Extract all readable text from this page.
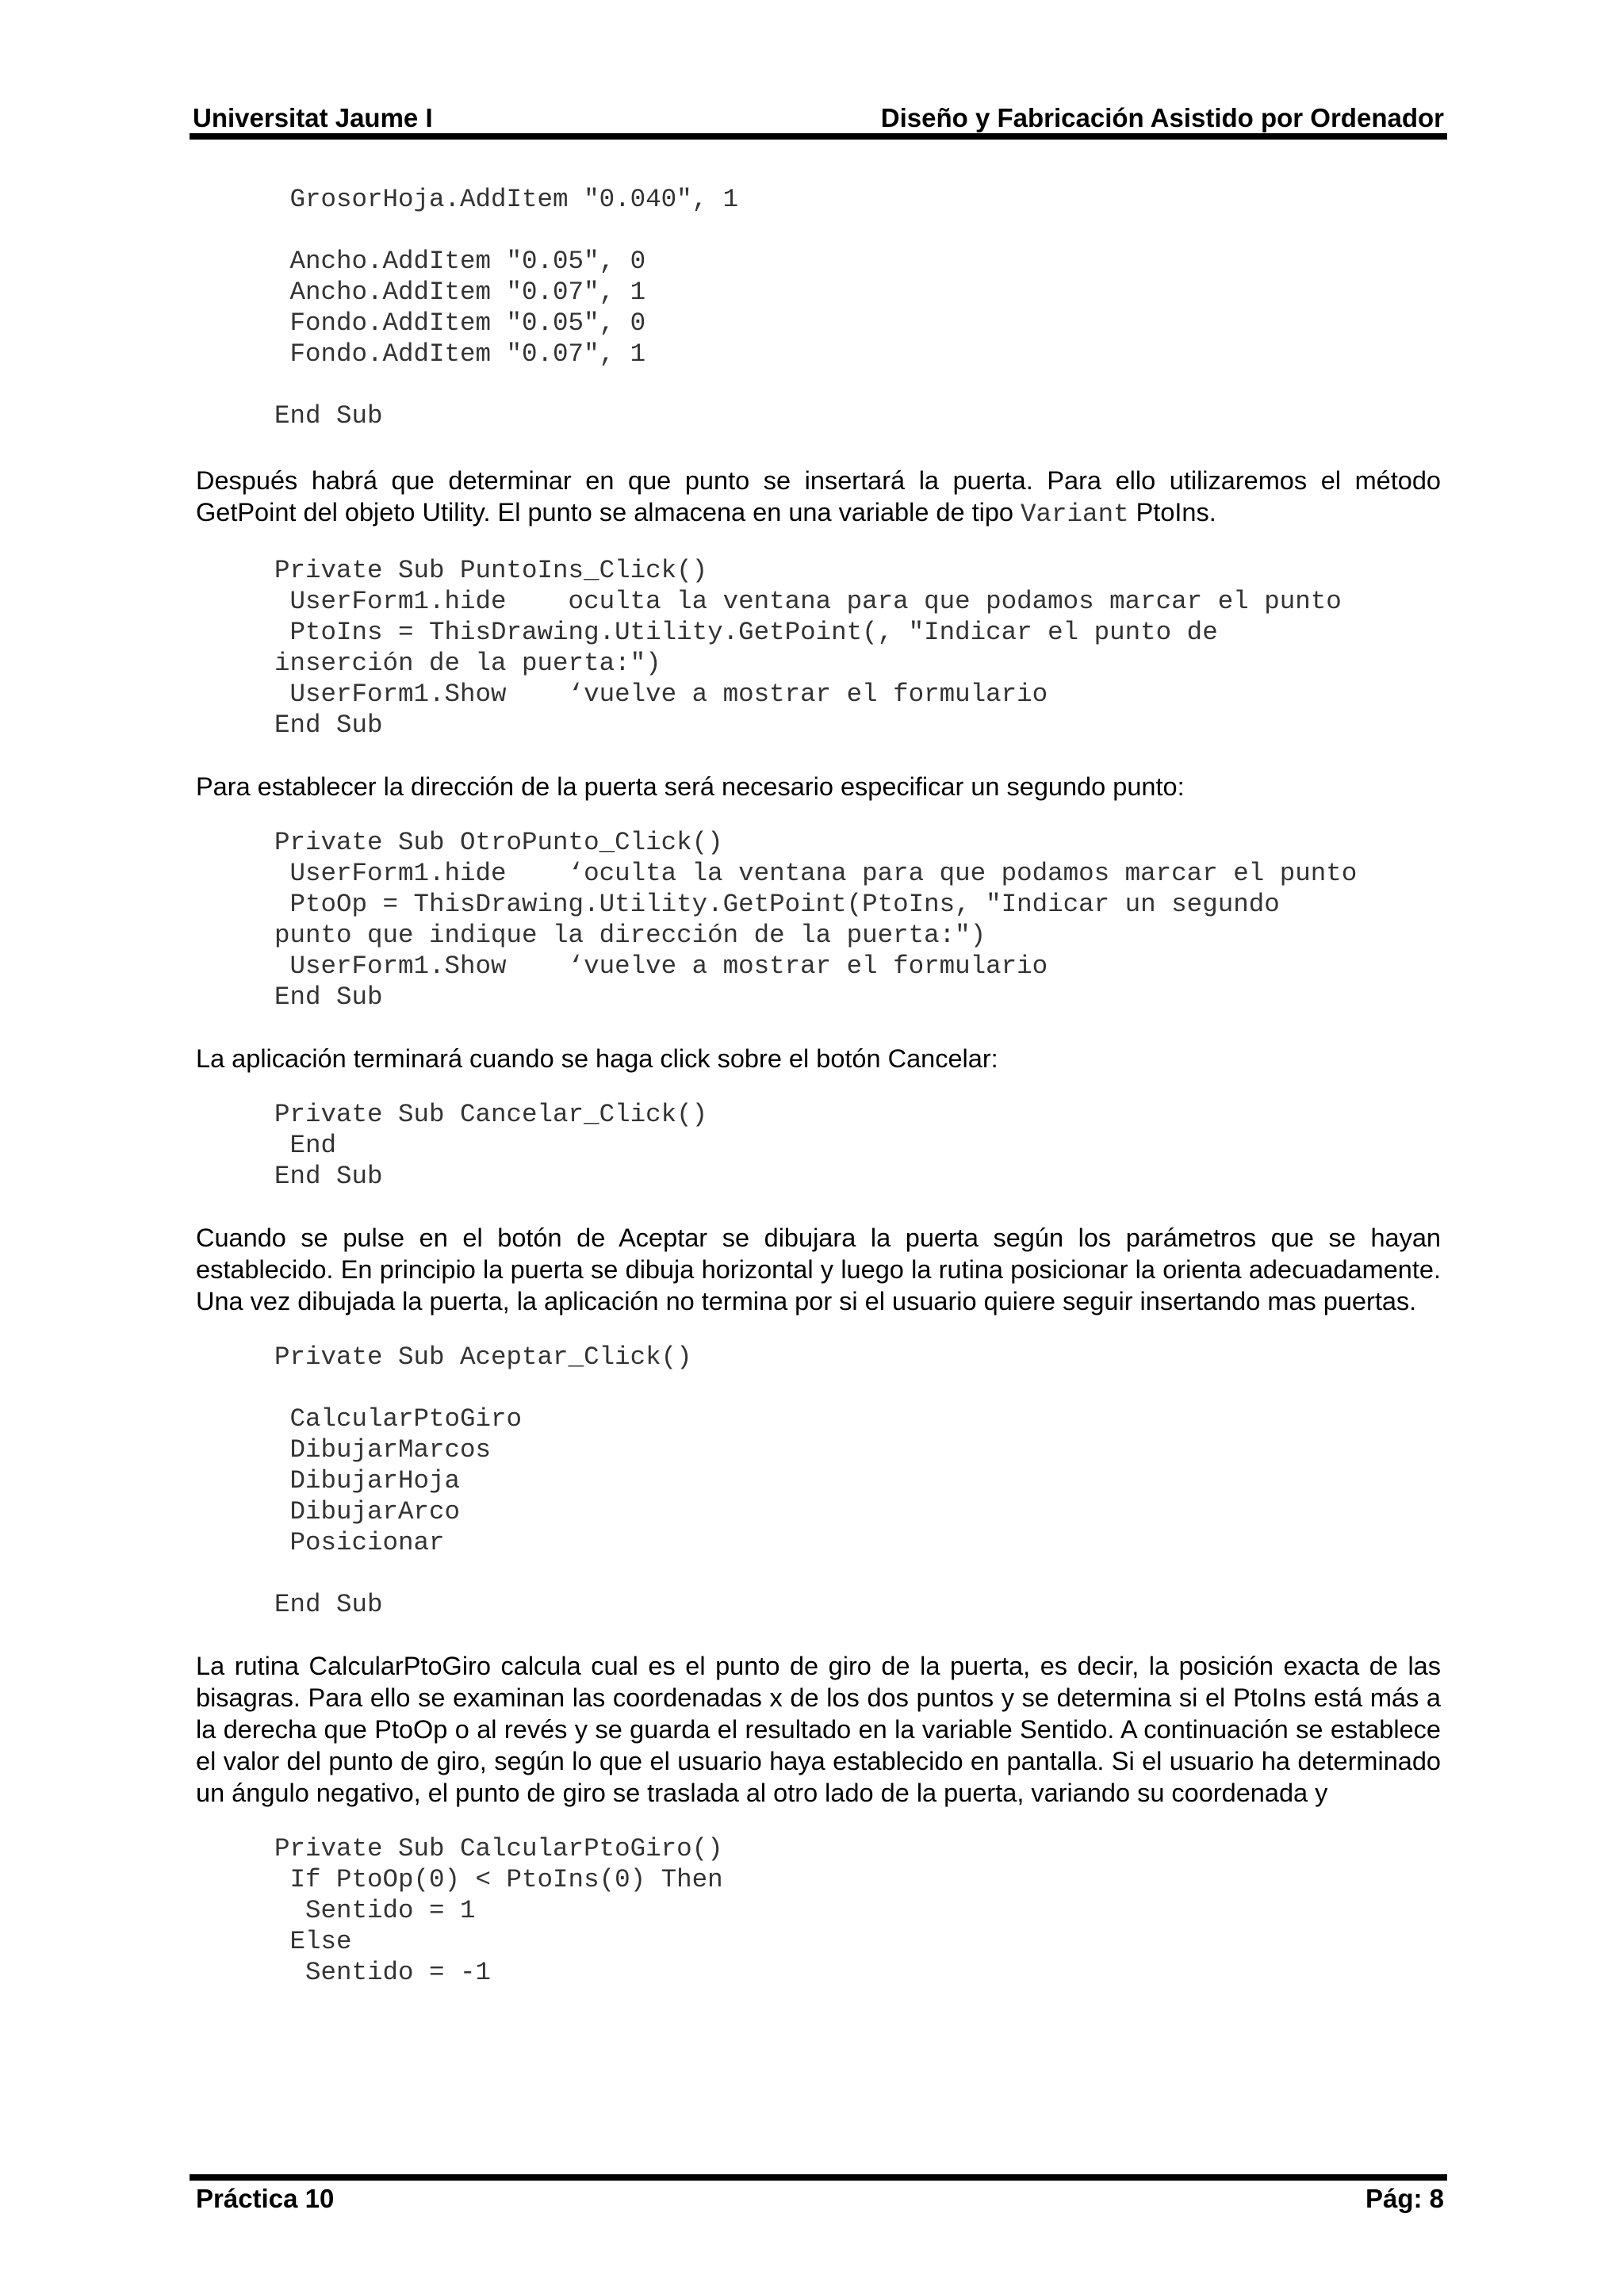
Universitat Jaume I	Diseño y Fabricación Asistido por Ordenador
GrosorHoja.AddItem "0.040", 1
Ancho.AddItem "0.05", 0
Ancho.AddItem "0.07", 1
Fondo.AddItem "0.05", 0
Fondo.AddItem "0.07", 1
End Sub

Después habrá que determinar en que punto se insertará la puerta. Para ello utilizaremos el método GetPoint del objeto Utility. El punto se almacena en una variable de tipo Variant PtoIns.

Private Sub PuntoIns_Click()
UserForm1.hide    oculta la ventana para que podamos marcar el punto
PtoIns = ThisDrawing.Utility.GetPoint(, "Indicar el punto de
inserción de la puerta:")
UserForm1.Show    ‘vuelve a mostrar el formulario
End Sub

Para establecer la dirección de la puerta será necesario especificar un segundo punto:

Private Sub OtroPunto_Click()
UserForm1.hide    ‘oculta la ventana para que podamos marcar el punto
PtoOp = ThisDrawing.Utility.GetPoint(PtoIns, "Indicar un segundo
punto que indique la dirección de la puerta:")
UserForm1.Show    ‘vuelve a mostrar el formulario
End Sub

La aplicación terminará cuando se haga click sobre el botón Cancelar:

Private Sub Cancelar_Click()
End
End Sub

Cuando se pulse en el botón de Aceptar se dibujara la puerta según los parámetros que se hayan establecido. En principio la puerta se dibuja horizontal y luego la rutina posicionar la orienta adecuadamente. Una vez dibujada la puerta, la aplicación no termina por si el usuario quiere seguir insertando mas puertas.

Private Sub Aceptar_Click()
CalcularPtoGiro
DibujarMarcos
DibujarHoja
DibujarArco
Posicionar
End Sub

La rutina CalcularPtoGiro calcula cual es el punto de giro de la puerta, es decir, la posición exacta de las bisagras. Para ello se examinan las coordenadas x de los dos puntos y se determina si el PtoIns está más a la derecha que PtoOp o al revés y se guarda el resultado en la variable Sentido. A continuación se establece el valor del punto de giro, según lo que el usuario haya establecido en pantalla. Si el usuario ha determinado un ángulo negativo, el punto de giro se traslada al otro lado de la puerta, variando su coordenada y

Private Sub CalcularPtoGiro()
If PtoOp(0) < PtoIns(0) Then
Sentido = 1
Else
Sentido = -1
Práctica 10	Pág: 8
